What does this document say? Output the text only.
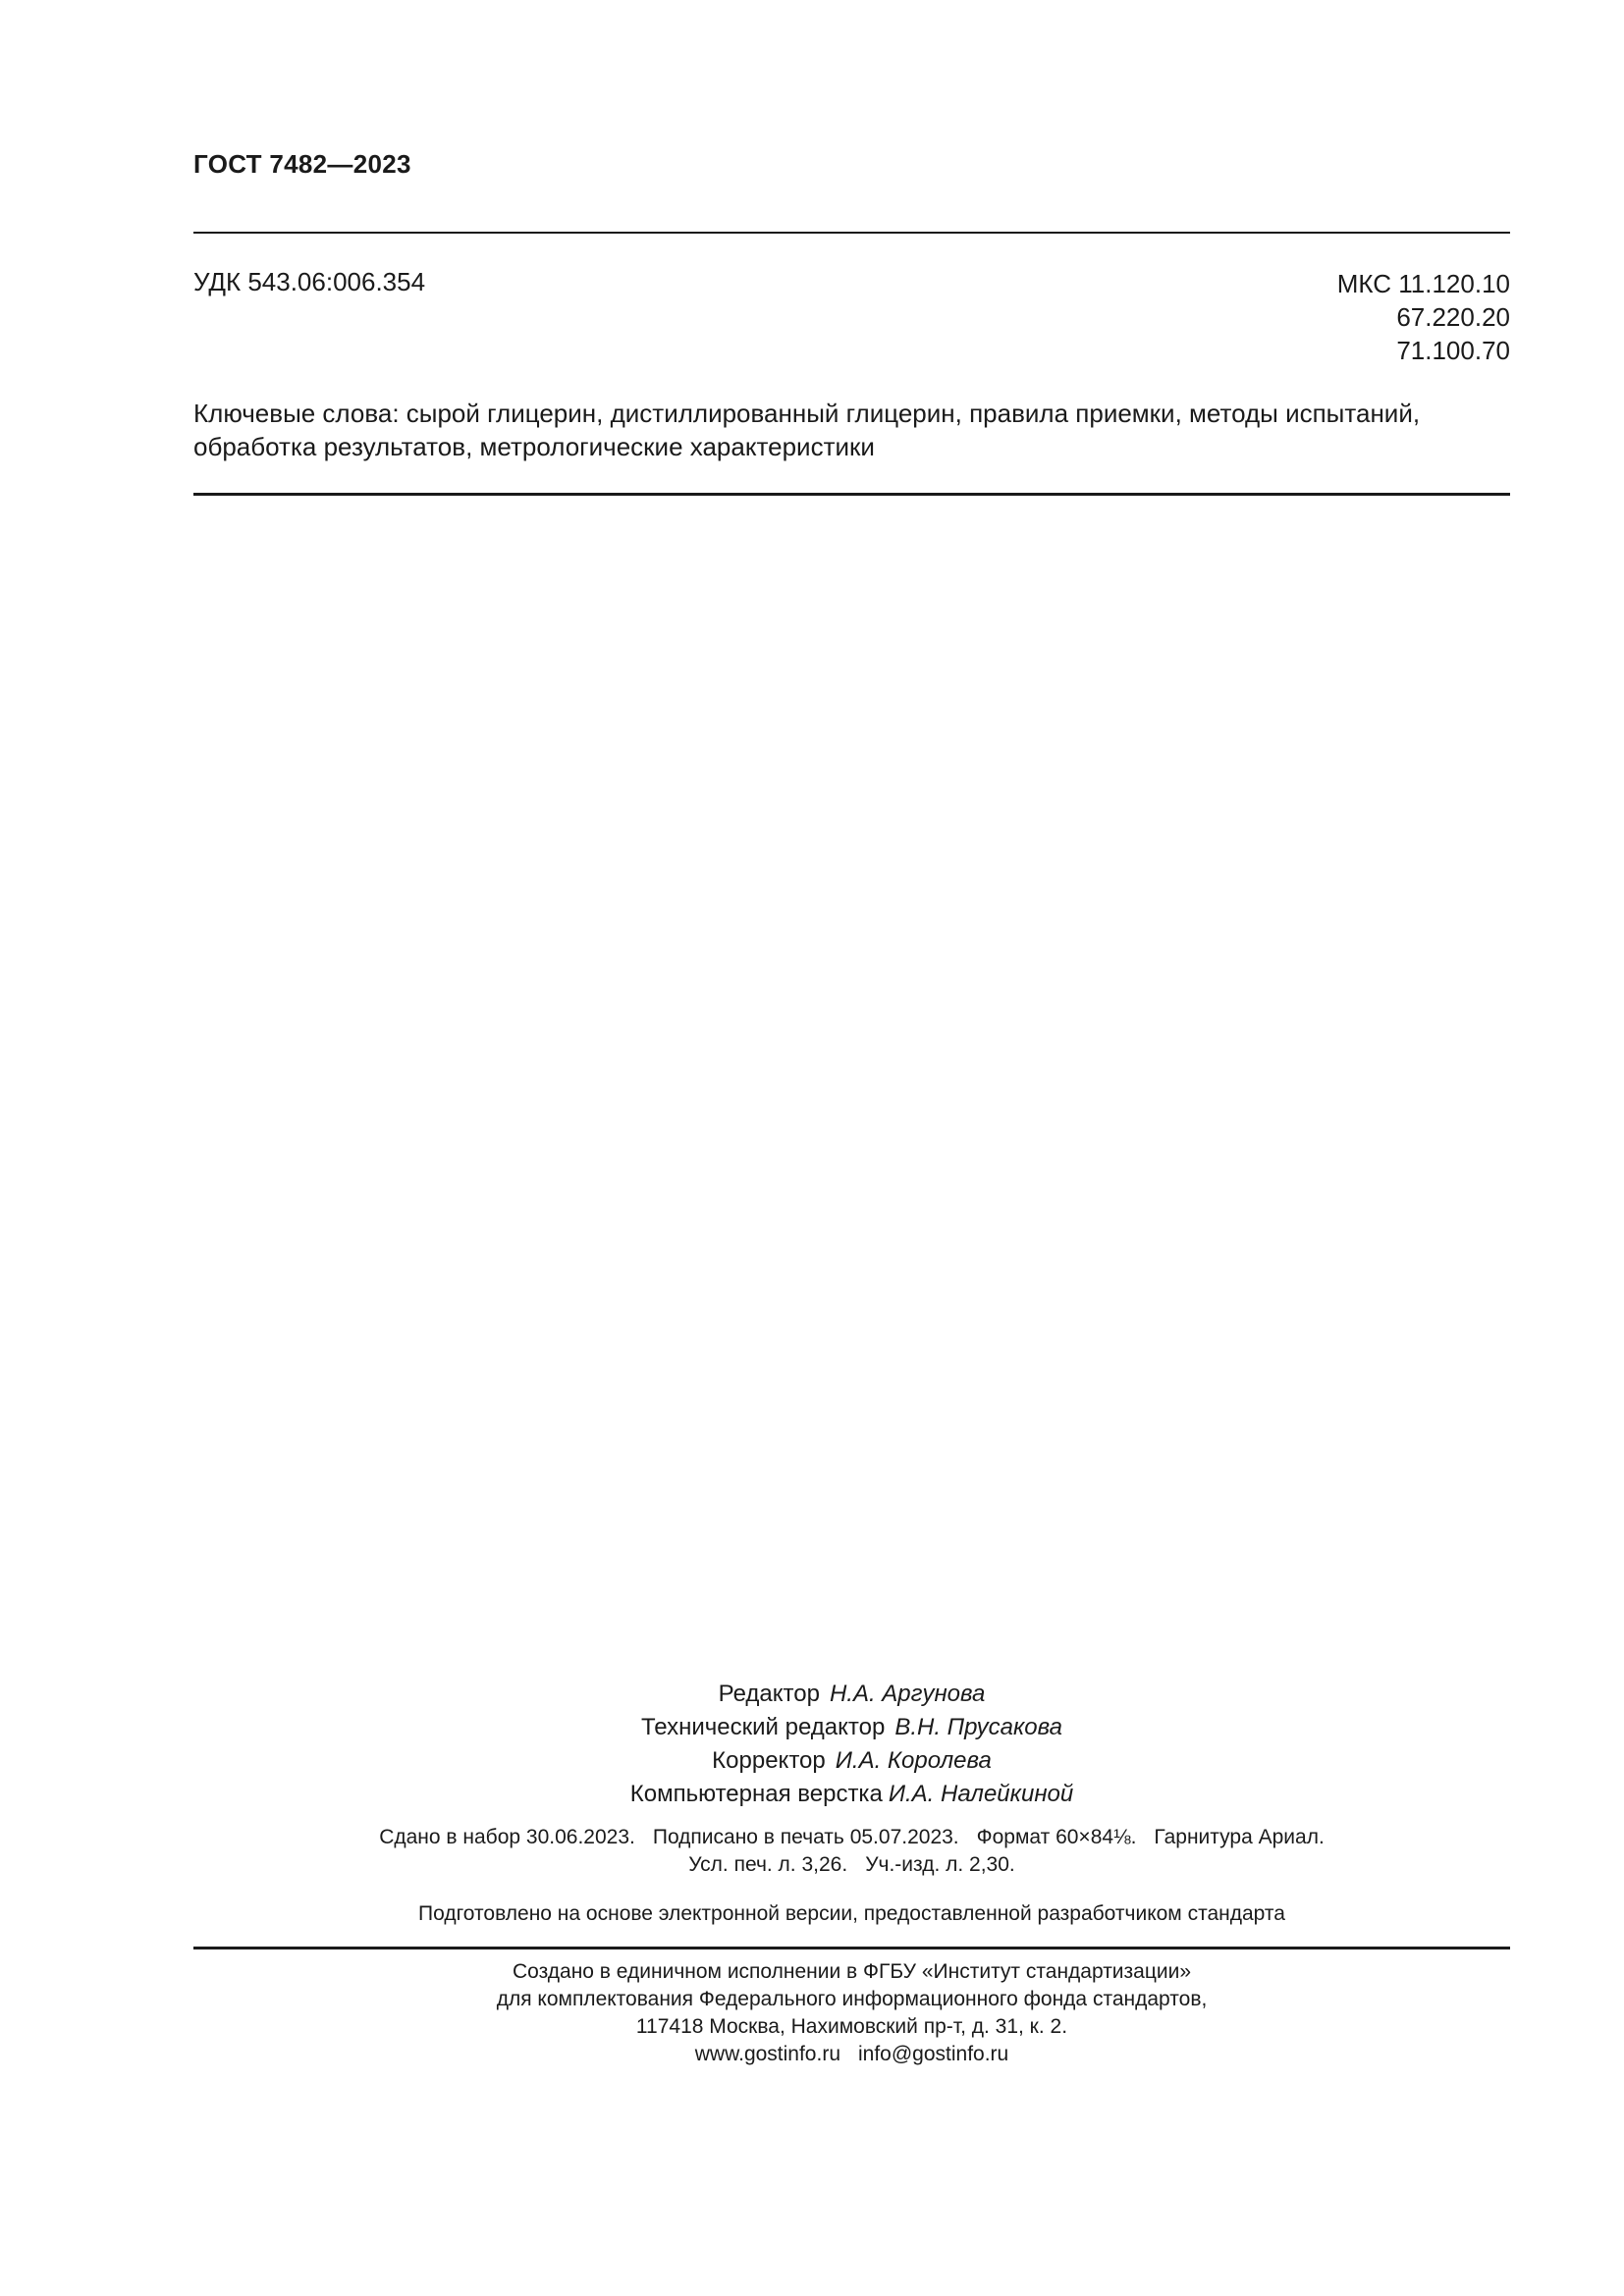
ГОСТ 7482—2023
УДК 543.06:006.354	МКС 11.120.10
67.220.20
71.100.70
Ключевые слова: сырой глицерин, дистиллированный глицерин, правила приемки, методы испытаний,
обработка результатов, метрологические характеристики
Редактор Н.А. Аргунова
Технический редактор В.Н. Прусакова
Корректор И.А. Королева
Компьютерная верстка И.А. Налейкиной
Сдано в набор 30.06.2023. Подписано в печать 05.07.2023. Формат 60×84⅛. Гарнитура Ариал.
Усл. печ. л. 3,26. Уч.-изд. л. 2,30.
Подготовлено на основе электронной версии, предоставленной разработчиком стандарта
Создано в единичном исполнении в ФГБУ «Институт стандартизации»
для комплектования Федерального информационного фонда стандартов,
117418 Москва, Нахимовский пр-т, д. 31, к. 2.
www.gostinfo.ru info@gostinfo.ru
